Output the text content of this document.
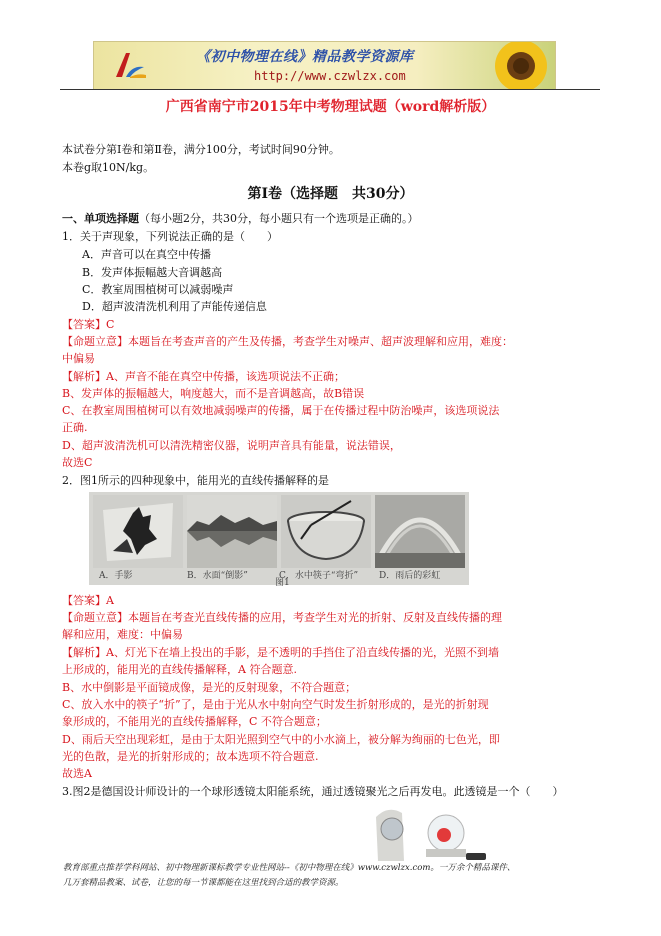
《初中物理在线》精品教学资源库
http://www.czwlzx.com
广西省南宁市2015年中考物理试题（word解析版）
本试卷分第Ⅰ卷和第Ⅱ卷，满分100分，考试时间90分钟。
本卷g取10N/kg。
第Ⅰ卷（选择题　共30分）
一、单项选择题（每小题2分，共30分，每小题只有一个选项是正确的。）
1．关于声现象，下列说法正确的是（　　）
A．声音可以在真空中传播
B．发声体振幅越大音调越高
C．教室周围植树可以减弱噪声
D．超声波清洗机利用了声能传递信息
【答案】C
【命题立意】本题旨在考查声音的产生及传播，考查学生对噪声、超声波理解和应用，难度：
中偏易
【解析】A、声音不能在真空中传播，该选项说法不正确；
B、发声体的振幅越大，响度越大，而不是音调越高，故B错误
C、在教室周围植树可以有效地减弱噪声的传播，属于在传播过程中防治噪声，该选项说法
正确.
D、超声波清洗机可以清洗精密仪器，说明声音具有能量，说法错误，
故选C
2．图1所示的四种现象中，能用光的直线传播解释的是
A．手影	B．水面“倒影”	C．水中筷子“弯折” D．雨后的彩虹
图1
【答案】A
【命题立意】本题旨在考查光直线传播的应用，考查学生对光的折射、反射及直线传播的理
解和应用，难度：中偏易
【解析】A、灯光下在墙上投出的手影，是不透明的手挡住了沿直线传播的光，光照不到墙
上形成的，能用光的直线传播解释，A 符合题意.
B、水中倒影是平面镜成像，是光的反射现象，不符合题意；
C、放入水中的筷子“折”了，是由于光从水中射向空气时发生折射形成的，是光的折射现
象形成的，不能用光的直线传播解释，C 不符合题意；
D、雨后天空出现彩虹，是由于太阳光照到空气中的小水滴上，被分解为绚丽的七色光，即
光的色散，是光的折射形成的；故本选项不符合题意.
故选A
3.图2是德国设计师设计的一个球形透镜太阳能系统，通过透镜聚光之后再发电。此透镜是一个（　　）
教育部重点推荐学科网站、初中物理新课标教学专业性网站--《初中物理在线》www.czwlzx.com。一万余个精品课件、
几万套精品教案、试卷，让您的每一节课都能在这里找到合适的教学资源。
